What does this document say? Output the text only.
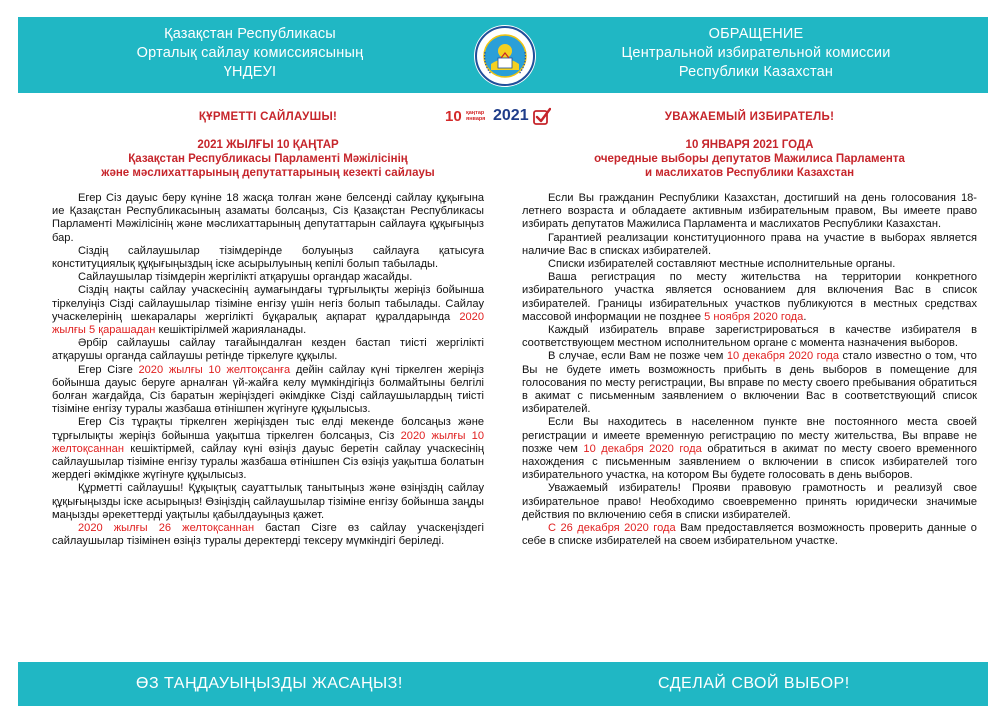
Қазақстан Республикасы
Орталық сайлау комиссиясының
ҮНДЕУІ
ОБРАЩЕНИЕ
Центральной избирательной комиссии
Республики Казахстан
10 қаңтар
января 2021
ҚҰРМЕТТІ САЙЛАУШЫ!
2021 ЖЫЛҒЫ 10 ҚАҢТАР
Қазақстан Республикасы Парламенті Мәжілісінің
және мәслихаттарының депутаттарының кезекті сайлауы

Егер Сіз дауыс беру күніне 18 жасқа толған және белсенді сайлау құқығына ие Қазақстан Республикасының азаматы болсаңыз, Сіз Қазақстан Республикасы Парламенті Мәжілісінің және мәслихаттарының депутаттарын сайлауға құқығыңыз бар.

Сіздің сайлаушылар тізімдерінде болуыңыз сайлауға қатысуға конституциялық құқығыңыздың іске асырылуының кепілі болып табылады.

Сайлаушылар тізімдерін жергілікті атқарушы органдар жасайды.

Сіздің нақты сайлау учаскесінің аумағындағы тұрғылықты жеріңіз бойынша тіркелуіңіз Сізді сайлаушылар тізіміне енгізу үшін негіз болып табылады. Сайлау учаскелерінің шекаралары жергілікті бұқаралық ақпарат құралдарында 2020 жылғы 5 қарашадан кешіктірілмей жарияланады.

Әрбір сайлаушы сайлау тағайындалған кезден бастап тиісті жергілікті атқарушы органда сайлаушы ретінде тіркелуге құқылы.

Егер Сізге 2020 жылғы 10 желтоқсанға дейін сайлау күні тіркелген жеріңіз бойынша дауыс беруге арналған үй-жайға келу мүмкіндігіңіз болмайтыны белгілі болған жағдайда, Сіз баратын жеріңіздегі әкімдікке Сізді сайлаушылардың тиісті тізіміне енгізу туралы жазбаша өтінішпен жүгінуге құқылысыз.

Егер Сіз тұрақты тіркелген жеріңізден тыс елді мекенде болсаңыз және тұрғылықты жеріңіз бойынша уақытша тіркелген болсаңыз, Сіз 2020 жылғы 10 желтоқсаннан кешіктірмей, сайлау күні өзіңіз дауыс беретін сайлау учаскесінің сайлаушылар тізіміне енгізу туралы жазбаша өтінішпен Сіз өзіңіз уақытша болатын жердегі әкімдікке жүгінуге құқылысыз.

Құрметті сайлаушы! Құқықтық сауаттылық танытыңыз және өзіңіздің сайлау құқығыңызды іске асырыңыз! Өзіңіздің сайлаушылар тізіміне енгізу бойынша заңды маңызды әрекеттерді уақтылы қабылдауыңыз қажет.

2020 жылғы 26 желтоқсаннан бастап Сізге өз сайлау учаскеңіздегі сайлаушылар тізімінен өзіңіз туралы деректерді тексеру мүмкіндігі беріледі.

УВАЖАЕМЫЙ ИЗБИРАТЕЛЬ!
10 ЯНВАРЯ 2021 ГОДА
очередные выборы депутатов Мажилиса Парламента
и маслихатов Республики Казахстан

Если Вы гражданин Республики Казахстан, достигший на день голосования 18-летнего возраста и обладаете активным избирательным правом, Вы имеете право избирать депутатов Мажилиса Парламента и маслихатов Республики Казахстан.

Гарантией реализации конституционного права на участие в выборах является наличие Вас в списках избирателей.

Списки избирателей составляют местные исполнительные органы.

Ваша регистрация по месту жительства на территории конкретного избирательного участка является основанием для включения Вас в список избирателей. Границы избирательных участков публикуются в местных средствах массовой информации не позднее 5 ноября 2020 года.

Каждый избиратель вправе зарегистрироваться в качестве избирателя в соответствующем местном исполнительном органе с момента назначения выборов.

В случае, если Вам не позже чем 10 декабря 2020 года стало известно о том, что Вы не будете иметь возможность прибыть в день выборов в помещение для голосования по месту регистрации, Вы вправе по месту своего пребывания обратиться в акимат с письменным заявлением о включении Вас в соответствующий список избирателей.

Если Вы находитесь в населенном пункте вне постоянного места своей регистрации и имеете временную регистрацию по месту жительства, Вы вправе не позже чем 10 декабря 2020 года обратиться в акимат по месту своего временного нахождения с письменным заявлением о включении в список избирателей того избирательного участка, на котором Вы будете голосовать в день выборов.

Уважаемый избиратель! Прояви правовую грамотность и реализуй свое избирательное право! Необходимо своевременно принять юридически значимые действия по включению себя в списки избирателей.

С 26 декабря 2020 года Вам предоставляется возможность проверить данные о себе в списке избирателей на своем избирательном участке.

ӨЗ ТАҢДАУЫҢЫЗДЫ ЖАСАҢЫЗ!	СДЕЛАЙ СВОЙ ВЫБОР!
